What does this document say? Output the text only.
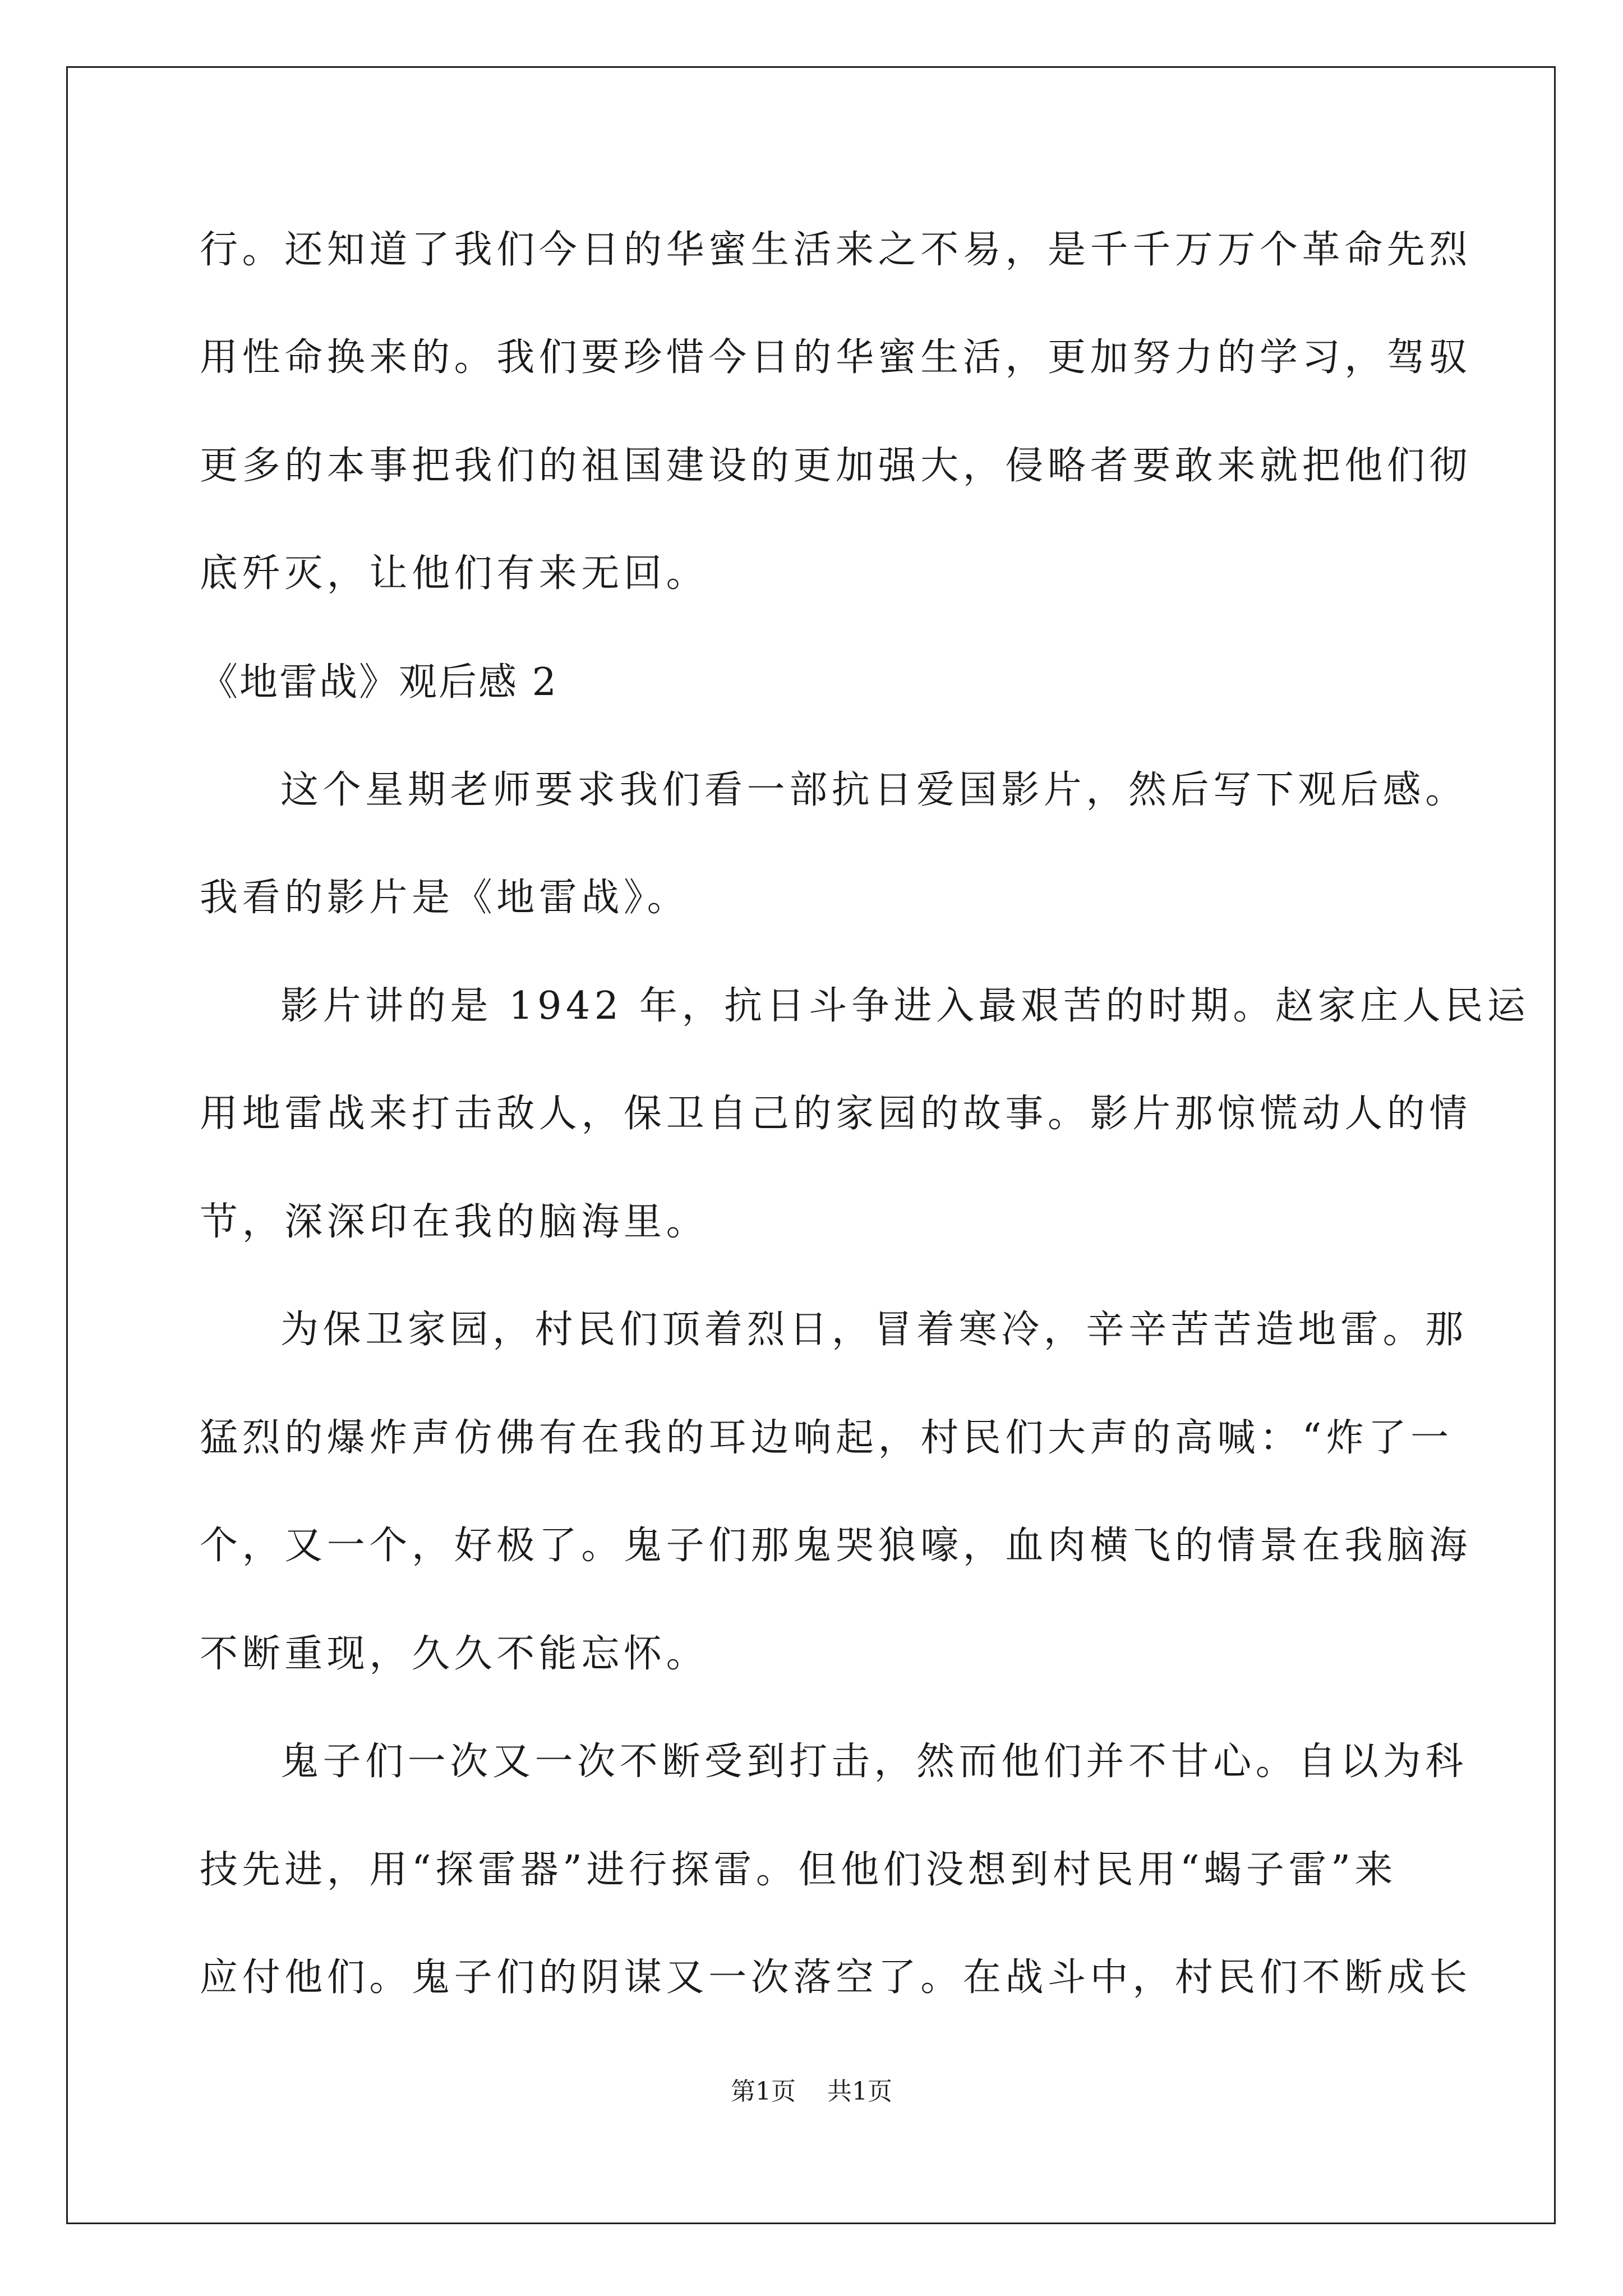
行。还知道了我们今日的华蜜生活来之不易，是千千万万个革命先烈
用性命换来的。我们要珍惜今日的华蜜生活，更加努力的学习，驾驭
更多的本事把我们的祖国建设的更加强大，侵略者要敢来就把他们彻
底歼灭，让他们有来无回。
《地雷战》观后感 2
这个星期老师要求我们看一部抗日爱国影片，然后写下观后感。
我看的影片是《地雷战》。
影片讲的是 1942 年，抗日斗争进入最艰苦的时期。赵家庄人民运
用地雷战来打击敌人，保卫自己的家园的故事。影片那惊慌动人的情
节，深深印在我的脑海里。
为保卫家园，村民们顶着烈日，冒着寒冷，辛辛苦苦造地雷。那
猛烈的爆炸声仿佛有在我的耳边响起，村民们大声的高喊：“炸了一
个，又一个，好极了。鬼子们那鬼哭狼嚎，血肉横飞的情景在我脑海
不断重现，久久不能忘怀。
鬼子们一次又一次不断受到打击，然而他们并不甘心。自以为科
技先进，用“探雷器”进行探雷。但他们没想到村民用“蝎子雷”来
应付他们。鬼子们的阴谋又一次落空了。在战斗中，村民们不断成长
第1页 共1页
